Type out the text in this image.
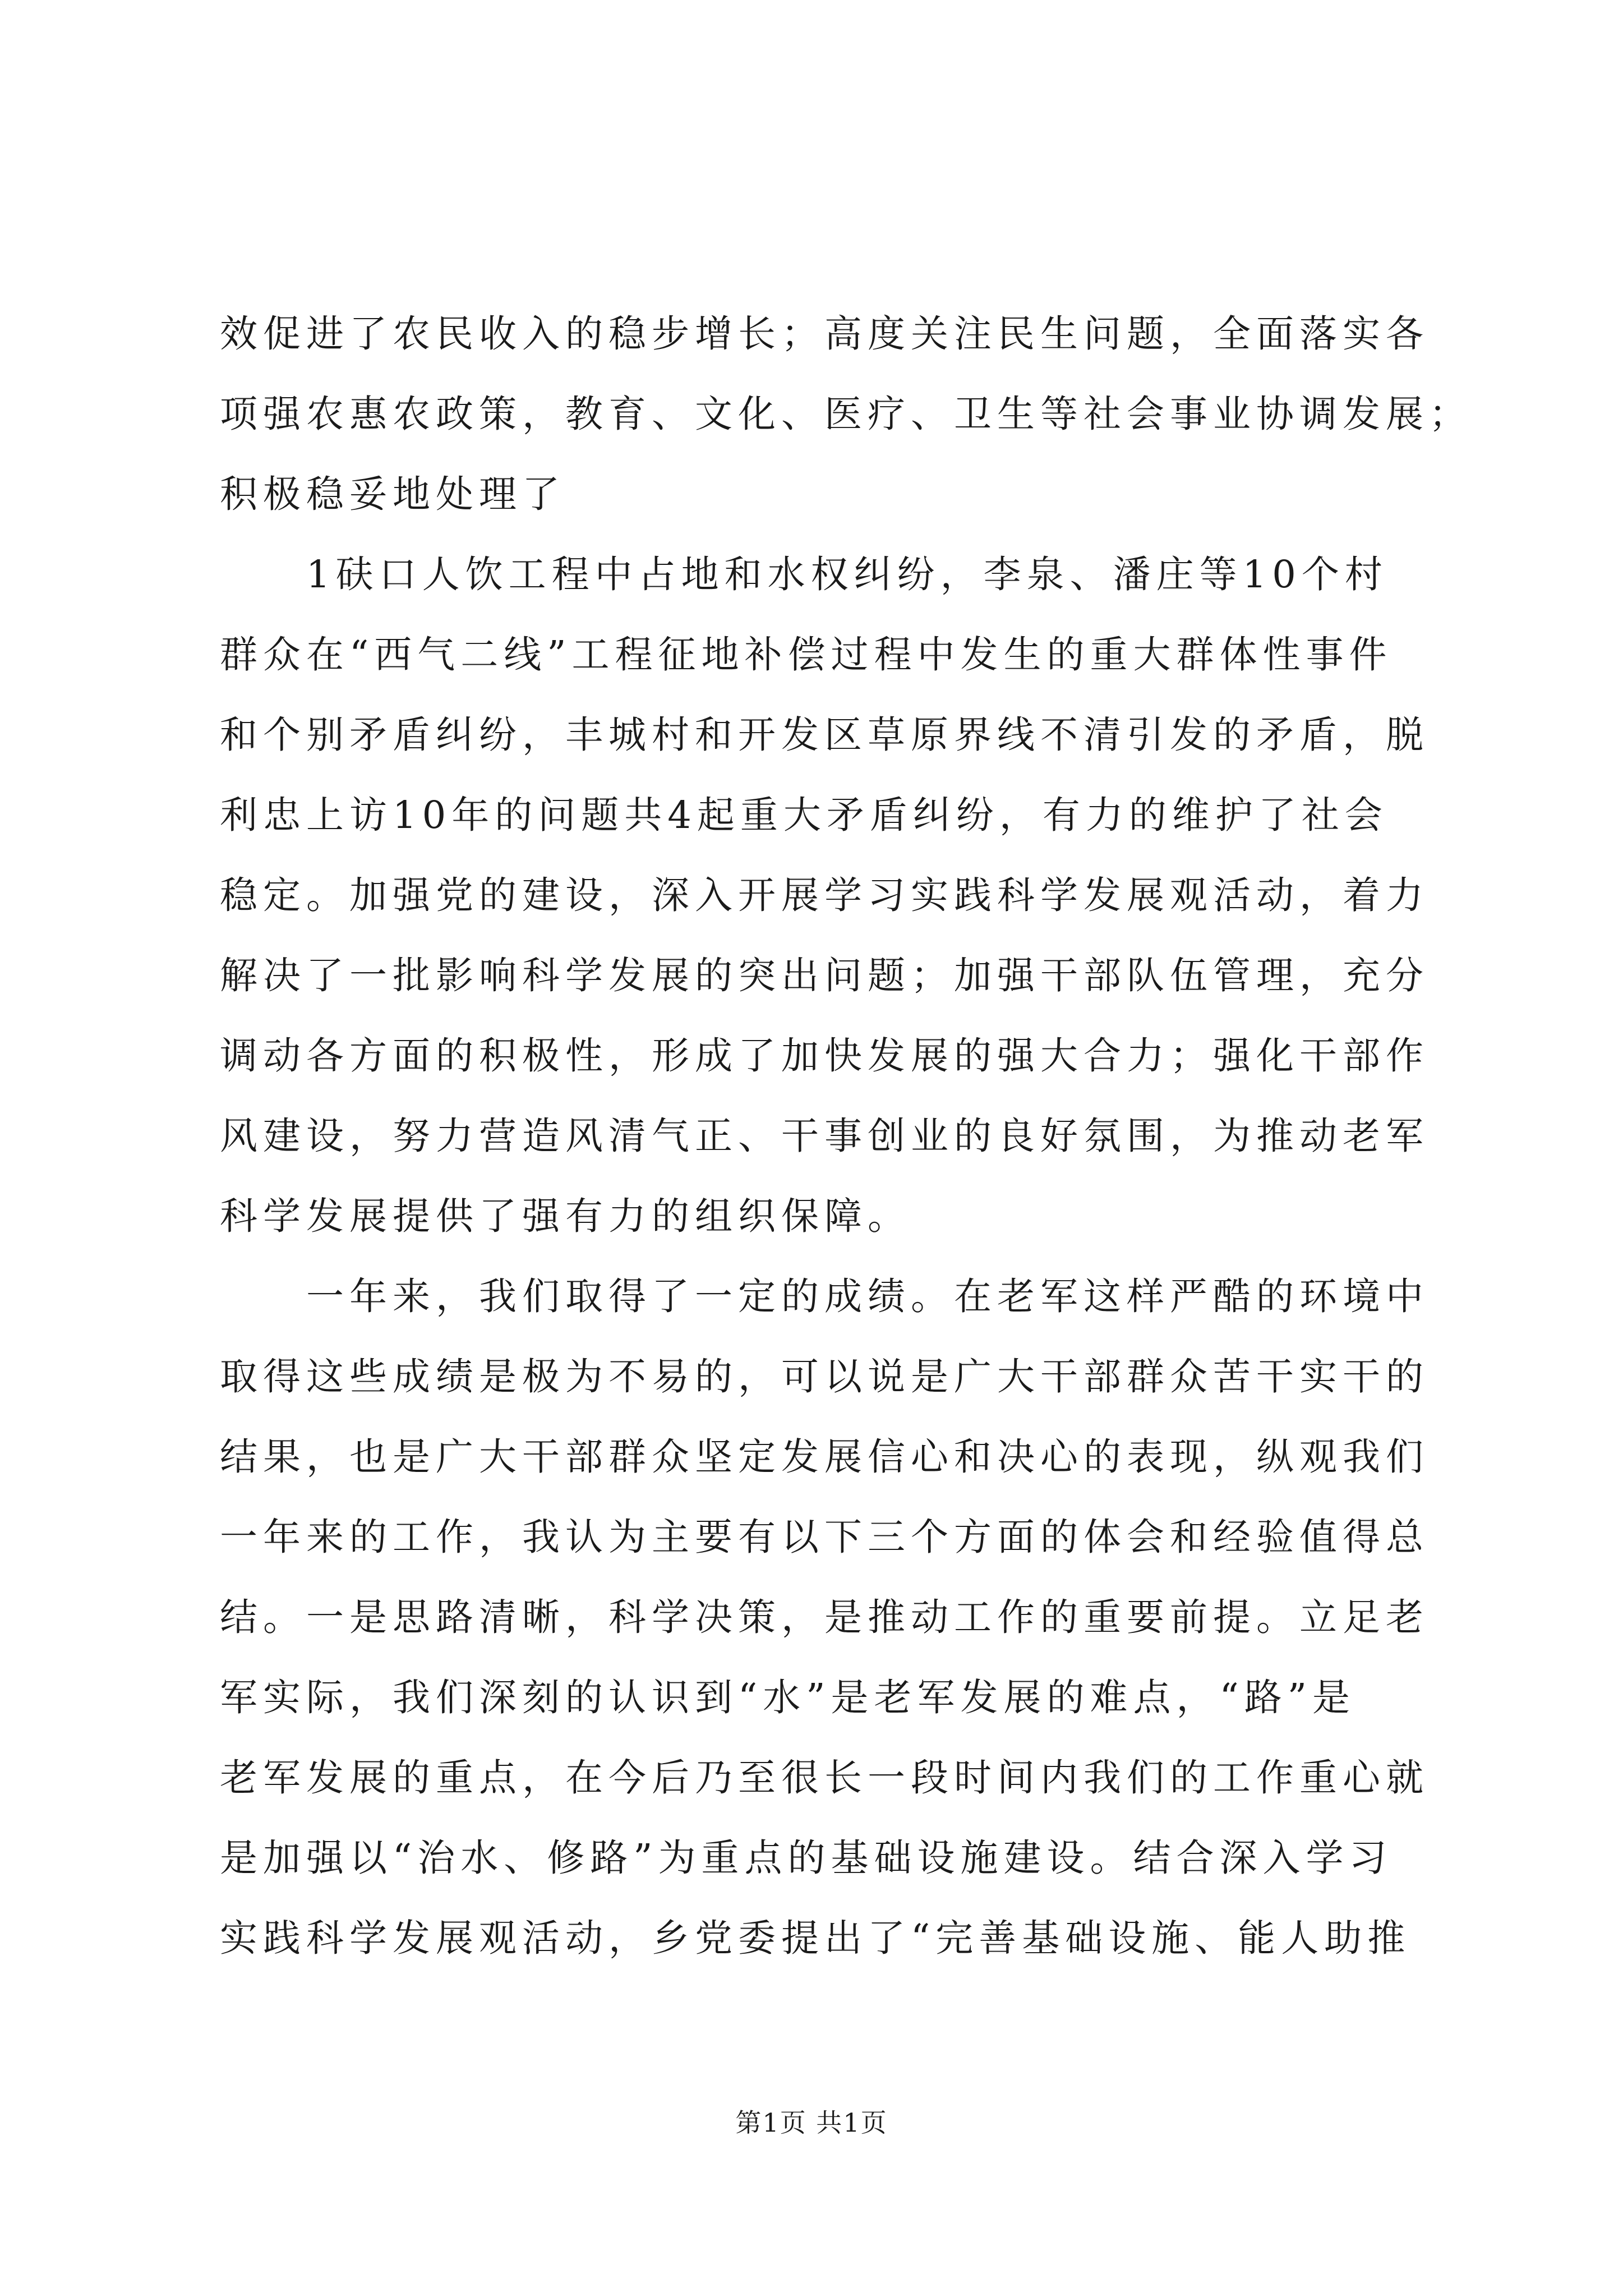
效促进了农民收入的稳步增长；高度关注民生问题，全面落实各
项强农惠农政策，教育、文化、医疗、卫生等社会事业协调发展；
积极稳妥地处理了
　　1砆口人饮工程中占地和水权纠纷，李泉、潘庄等10个村
群众在“西气二线”工程征地补偿过程中发生的重大群体性事件
和个别矛盾纠纷，丰城村和开发区草原界线不清引发的矛盾，脱
利忠上访10年的问题共4起重大矛盾纠纷，有力的维护了社会
稳定。加强党的建设，深入开展学习实践科学发展观活动，着力
解决了一批影响科学发展的突出问题；加强干部队伍管理，充分
调动各方面的积极性，形成了加快发展的强大合力；强化干部作
风建设，努力营造风清气正、干事创业的良好氛围，为推动老军
科学发展提供了强有力的组织保障。
　　一年来，我们取得了一定的成绩。在老军这样严酷的环境中
取得这些成绩是极为不易的，可以说是广大干部群众苦干实干的
结果，也是广大干部群众坚定发展信心和决心的表现，纵观我们
一年来的工作，我认为主要有以下三个方面的体会和经验值得总
结。一是思路清晰，科学决策，是推动工作的重要前提。立足老
军实际，我们深刻的认识到“水”是老军发展的难点，“路”是
老军发展的重点，在今后乃至很长一段时间内我们的工作重心就
是加强以“治水、修路”为重点的基础设施建设。结合深入学习
实践科学发展观活动，乡党委提出了“完善基础设施、能人助推
第1页 共1页
